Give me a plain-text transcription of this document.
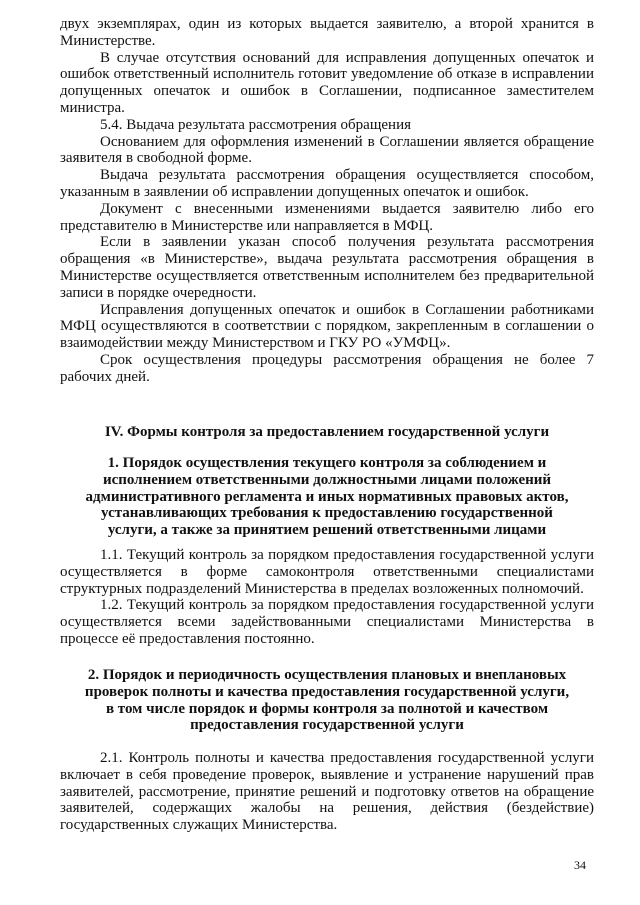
двух экземплярах, один из которых выдается заявителю, а второй хранится в Министерстве.

В случае отсутствия оснований для исправления допущенных опечаток и ошибок ответственный исполнитель готовит уведомление об отказе в исправлении допущенных опечаток и ошибок в Соглашении, подписанное заместителем министра.

5.4. Выдача результата рассмотрения обращения

Основанием для оформления изменений в Соглашении является обращение заявителя в свободной форме.

Выдача результата рассмотрения обращения осуществляется способом, указанным в заявлении об исправлении допущенных опечаток и ошибок.

Документ с внесенными изменениями выдается заявителю либо его представителю в Министерстве или направляется в МФЦ.

Если в заявлении указан способ получения результата рассмотрения обращения «в Министерстве», выдача результата рассмотрения обращения в Министерстве осуществляется ответственным исполнителем без предварительной записи в порядке очередности.

Исправления допущенных опечаток и ошибок в Соглашении работниками МФЦ осуществляются в соответствии с порядком, закрепленным в соглашении о взаимодействии между Министерством и ГКУ РО «УМФЦ».

Срок осуществления процедуры рассмотрения обращения не более 7 рабочих дней.

IV. Формы контроля за предоставлением государственной услуги
1. Порядок осуществления текущего контроля за соблюдением и исполнением ответственными должностными лицами положений административного регламента и иных нормативных правовых актов, устанавливающих требования к предоставлению государственной услуги, а также за принятием решений ответственными лицами

1.1. Текущий контроль за порядком предоставления государственной услуги осуществляется в форме самоконтроля ответственными специалистами структурных подразделений Министерства в пределах возложенных полномочий.

1.2. Текущий контроль за порядком предоставления государственной услуги осуществляется всеми задействованными специалистами Министерства в процессе её предоставления постоянно.

2. Порядок и периодичность осуществления плановых и внеплановых проверок полноты и качества предоставления государственной услуги, в том числе порядок и формы контроля за полнотой и качеством предоставления государственной услуги

2.1. Контроль полноты и качества предоставления государственной услуги включает в себя проведение проверок, выявление и устранение нарушений прав заявителей, рассмотрение, принятие решений и подготовку ответов на обращение заявителей, содержащих жалобы на решения, действия (бездействие) государственных служащих Министерства.

34
